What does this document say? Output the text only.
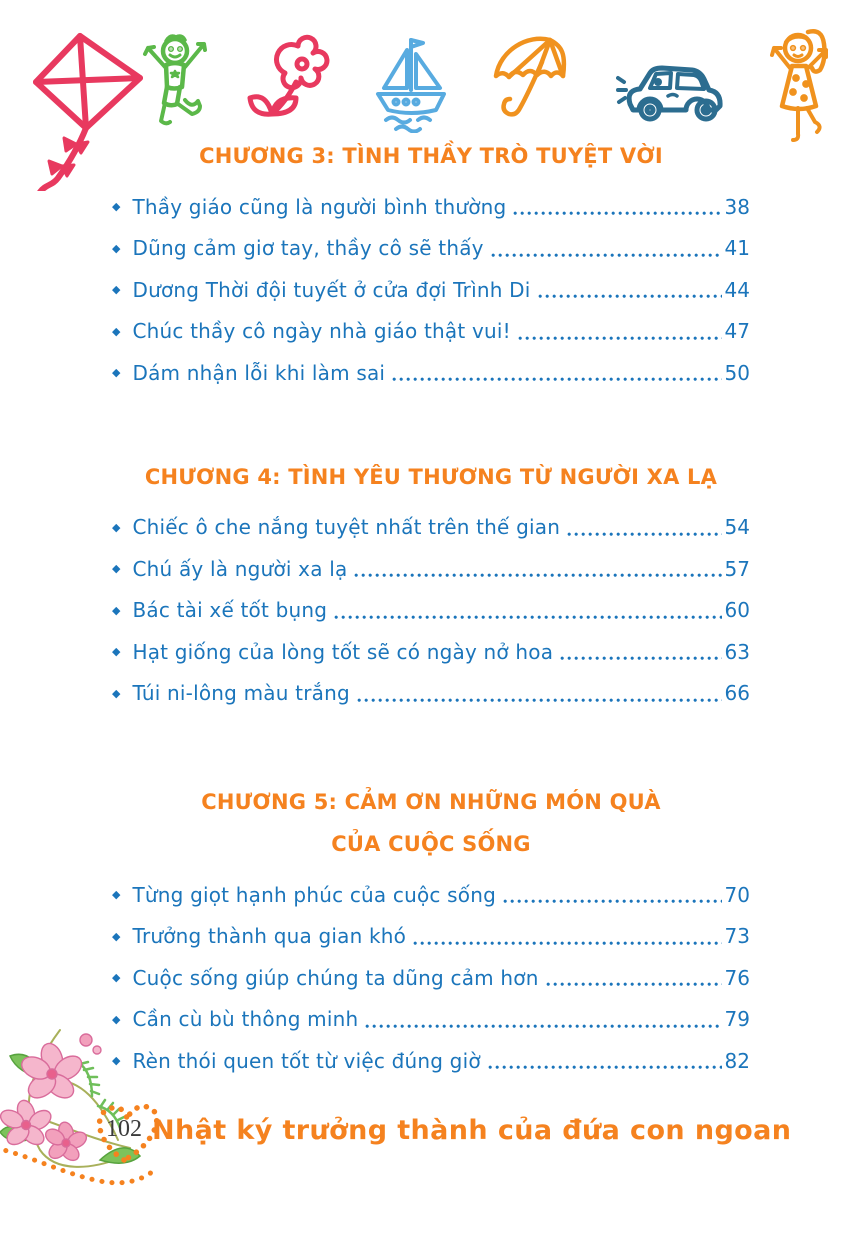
CHƯƠNG 3: TÌNH THẦY TRÒ TUYỆT VỜI
◆ Thầy giáo cũng là người bình thường	38
◆ Dũng cảm giơ tay, thầy cô sẽ thấy	41
◆ Dương Thời đội tuyết ở cửa đợi Trình Di	44
◆ Chúc thầy cô ngày nhà giáo thật vui!	47
◆ Dám nhận lỗi khi làm sai	50
CHƯƠNG 4: TÌNH YÊU THƯƠNG TỪ NGƯỜI XA LẠ
◆ Chiếc ô che nắng tuyệt nhất trên thế gian	54
◆ Chú ấy là người xa lạ	57
◆ Bác tài xế tốt bụng	60
◆ Hạt giống của lòng tốt sẽ có ngày nở hoa	63
◆ Túi ni-lông màu trắng	66
CHƯƠNG 5: CẢM ƠN NHỮNG MÓN QUÀ
CỦA CUỘC SỐNG
◆ Từng giọt hạnh phúc của cuộc sống	70
◆ Trưởng thành qua gian khó	73
◆ Cuộc sống giúp chúng ta dũng cảm hơn	76
◆ Cần cù bù thông minh	79
◆ Rèn thói quen tốt từ việc đúng giờ	82
102 Nhật ký trưởng thành của đứa con ngoan
